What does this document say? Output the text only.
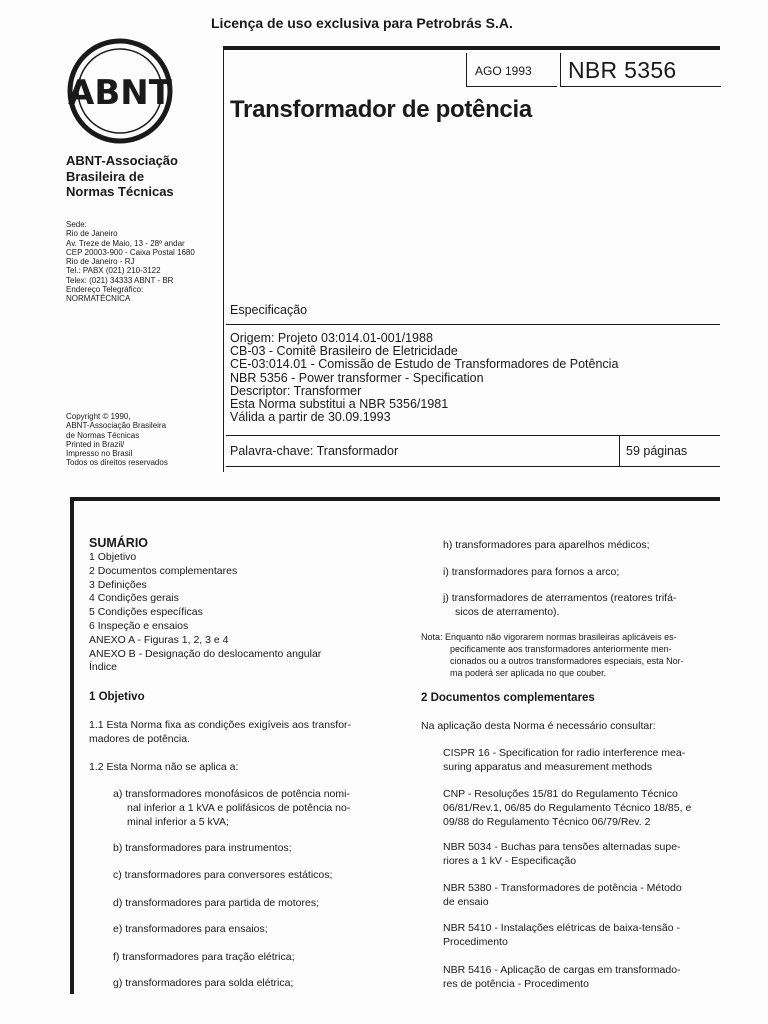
Licença de uso exclusiva para Petrobrás S.A.
ABNT
AGO 1993 NBR 5356
Transformador de potência
ABNT-Associação
Brasileira de
Normas Técnicas
Sede:
Rio de Janeiro
Av. Treze de Maio, 13 - 28º andar
CEP 20003-900 - Caixa Postal 1680
Rio de Janeiro - RJ
Tel.: PABX (021) 210-3122
Telex: (021) 34333 ABNT - BR
Endereço Telegráfico:
NORMATÉCNICA
Copyright © 1990,
ABNT-Associação Brasileira
de Normas Técnicas
Printed in Brazil/
Impresso no Brasil
Todos os direitos reservados
Especificação
Origem: Projeto 03:014.01-001/1988
CB-03 - Comitê Brasileiro de Eletricidade
CE-03:014.01 - Comissão de Estudo de Transformadores de Potência
NBR 5356 - Power transformer - Specification
Descriptor: Transformer
Esta Norma substitui a NBR 5356/1981
Válida a partir de 30.09.1993
Palavra-chave: Transformador	59 páginas
SUMÁRIO
1 Objetivo
2 Documentos complementares
3 Definições
4 Condições gerais
5 Condições específicas
6 Inspeção e ensaios
ANEXO A - Figuras 1, 2, 3 e 4
ANEXO B - Designação do deslocamento angular
Índice
1 Objetivo
1.1 Esta Norma fixa as condições exigíveis aos transfor-
madores de potência.
1.2 Esta Norma não se aplica a:
a) transformadores monofásicos de potência nomi-
nal inferior a 1 kVA e polifásicos de potência no-
minal inferior a 5 kVA;
b) transformadores para instrumentos;
c) transformadores para conversores estáticos;
d) transformadores para partida de motores;
e) transformadores para ensaios;
f) transformadores para tração elétrica;
g) transformadores para solda elétrica;
h) transformadores para aparelhos médicos;
i) transformadores para fornos a arco;
j) transformadores de aterramentos (reatores trifá-
sicos de aterramento).
Nota: Enquanto não vigorarem normas brasileiras aplicáveis es-
pecificamente aos transformadores anteriormente men-
cionados ou a outros transformadores especiais, esta Nor-
ma poderá ser aplicada no que couber.
2 Documentos complementares
Na aplicação desta Norma é necessário consultar:
CISPR 16 - Specification for radio interference mea-
suring apparatus and measurement methods
CNP - Resoluções 15/81 do Regulamento Técnico
06/81/Rev.1, 06/85 do Regulamento Técnico 18/85, e
09/88 do Regulamento Técnico 06/79/Rev. 2
NBR 5034 - Buchas para tensões alternadas supe-
riores a 1 kV - Especificação
NBR 5380 - Transformadores de potência - Método
de ensaio
NBR 5410 - Instalações elétricas de baixa-tensão -
Procedimento
NBR 5416 - Aplicação de cargas em transformado-
res de potência - Procedimento
